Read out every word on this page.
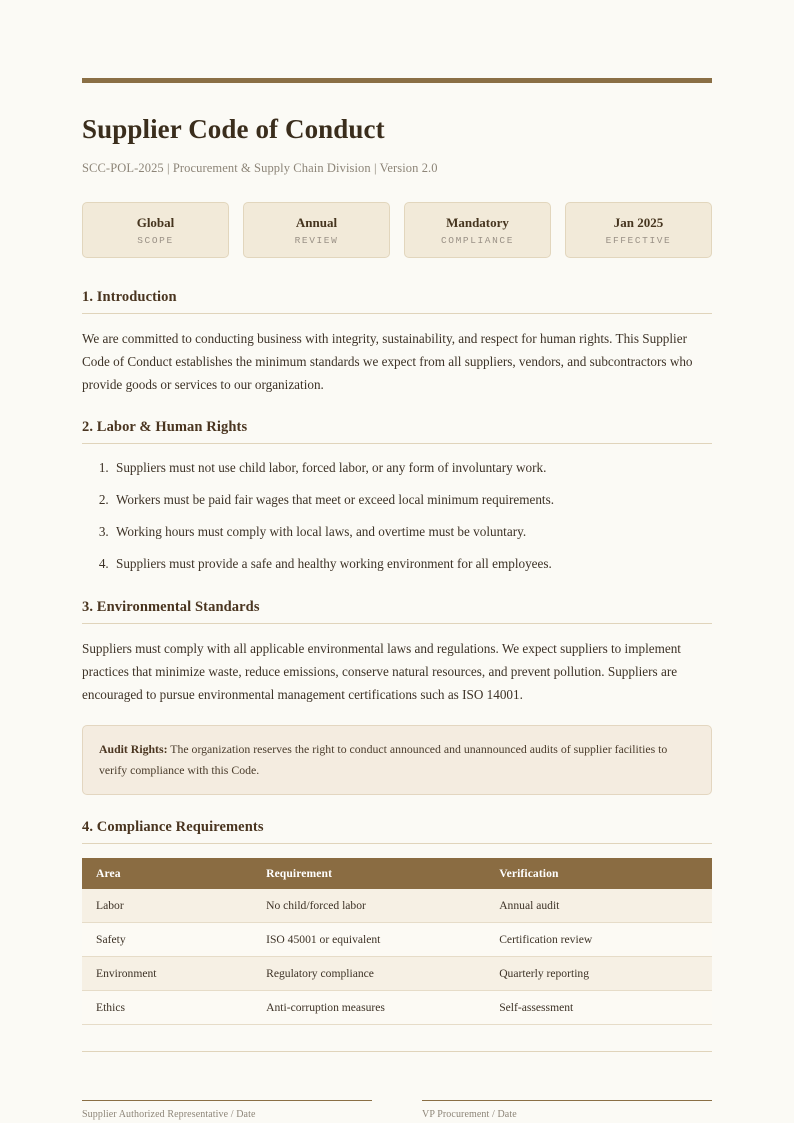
Supplier Code of Conduct
SCC-POL-2025 | Procurement & Supply Chain Division | Version 2.0
Global
SCOPE
Annual
REVIEW
Mandatory
COMPLIANCE
Jan 2025
EFFECTIVE
1. Introduction

We are committed to conducting business with integrity, sustainability, and respect for human rights. This Supplier Code of Conduct establishes the minimum standards we expect from all suppliers, vendors, and subcontractors who provide goods or services to our organization.

2. Labor & Human Rights
1. Suppliers must not use child labor, forced labor, or any form of involuntary work.
2. Workers must be paid fair wages that meet or exceed local minimum requirements.
3. Working hours must comply with local laws, and overtime must be voluntary.
4. Suppliers must provide a safe and healthy working environment for all employees.
3. Environmental Standards

Suppliers must comply with all applicable environmental laws and regulations. We expect suppliers to implement practices that minimize waste, reduce emissions, conserve natural resources, and prevent pollution. Suppliers are encouraged to pursue environmental management certifications such as ISO 14001.

Audit Rights: The organization reserves the right to conduct announced and unannounced audits of supplier facilities to verify compliance with this Code.
4. Compliance Requirements
Area	Requirement	Verification
Labor	No child/forced labor	Annual audit
Safety	ISO 45001 or equivalent	Certification review
Environment	Regulatory compliance	Quarterly reporting
Ethics	Anti-corruption measures	Self-assessment
Supplier Authorized Representative / Date	VP Procurement / Date
